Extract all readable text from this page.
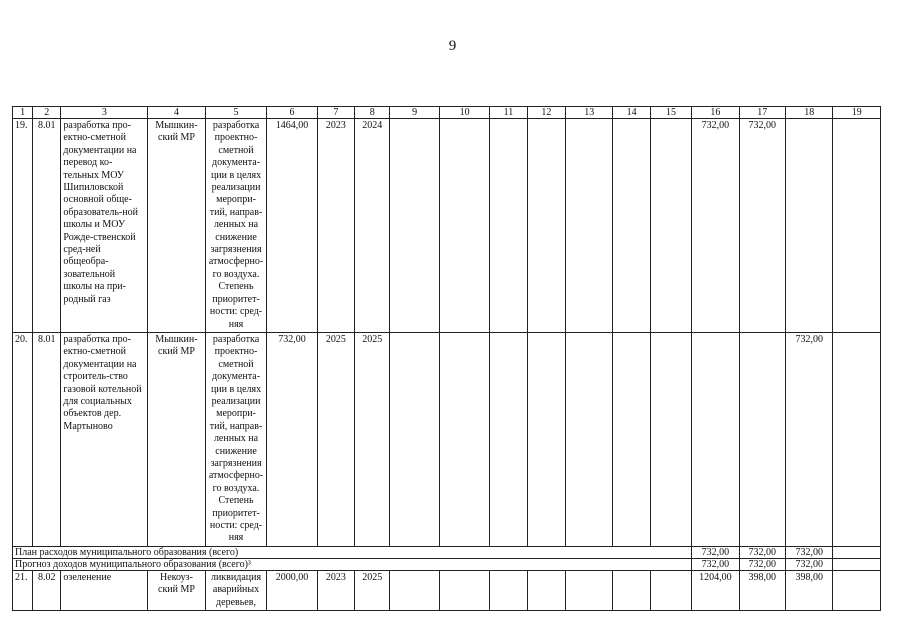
9
1	2	3	4	5	6	7	8	9	10	11	12	13	14	15	16	17	18	19
19.	8.01	разработка про-ектно-сметной документации на перевод ко-тельных МОУ Шипиловской основной обще-образователь-ной школы и МОУ Рожде-ственской сред-ней общеобра-зовательной школы на при-родный газ	Мышкин-ский МР	разработка проектно-сметной документа-ции в целях реализации меропри-тий, направ-ленных на снижение загрязнения атмосферно-го воздуха. Степень приоритет-ности: сред-няя	1464,00	2023	2024								732,00	732,00		
20.	8.01	разработка про-ектно-сметной документации на строитель-ство газовой котельной для социальных объектов дер. Мартыново	Мышкин-ский МР	разработка проектно-сметной документа-ции в целях реализации меропри-тий, направ-ленных на снижение загрязнения атмосферно-го воздуха. Степень приоритет-ности: сред-няя	732,00	2025	2025										732,00	
План расходов муниципального образования (всего)															732,00	732,00	732,00	
Прогноз доходов муниципального образования (всего)³															732,00	732,00	732,00	
21.	8.02	озеленение	Некоуз-ский МР	ликвидация аварийных деревьев,	2000,00	2023	2025								1204,00	398,00	398,00	
